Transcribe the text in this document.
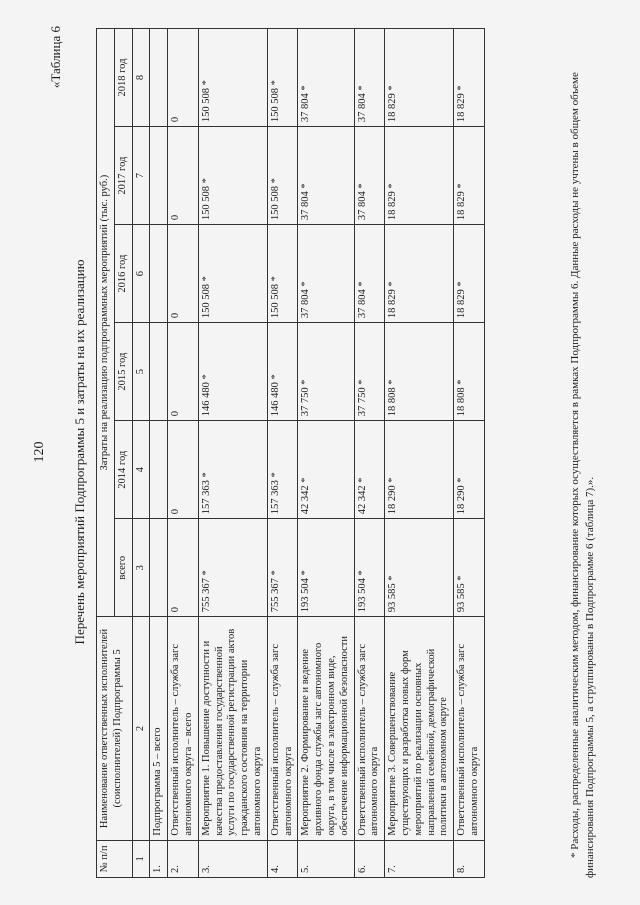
120
«Таблица 6
Перечень мероприятий Подпрограммы 5 и затраты на их реализацию
№ п/п	Наименование ответственных исполнителей (соисполнителей) Подпрограммы 5	Затраты на реализацию подпрограммных мероприятий (тыс. руб.)					
		всего	2014 год	2015 год	2016 год	2017 год	2018 год
1	2	3	4	5	6	7	8
1.	Подпрограмма 5 – всего						
2.	Ответственный исполнитель – служба загс автономного округа – всего	0	0	0	0	0	0
3.	Мероприятие 1. Повышение доступности и качества предоставления государственной услуги по государственной регистрации актов гражданского состояния на территории автономного округа	755 367 *	157 363 *	146 480 *	150 508 *	150 508 *	150 508 *
4.	Ответственный исполнитель – служба загс автономного округа	755 367 *	157 363 *	146 480 *	150 508 *	150 508 *	150 508 *
5.	Мероприятие 2. Формирование и ведение архивного фонда службы загс автономного округа, в том числе в электронном виде, обеспечение информационной безопасности	193 504 *	42 342 *	37 750 *	37 804 *	37 804 *	37 804 *
6.	Ответственный исполнитель – служба загс автономного округа	193 504 *	42 342 *	37 750 *	37 804 *	37 804 *	37 804 *
7.	Мероприятие 3. Совершенствование существующих и разработка новых форм мероприятий по реализации основных направлений семейной, демографической политики в автономном округе	93 585 *	18 290 *	18 808 *	18 829 *	18 829 *	18 829 *
8.	Ответственный исполнитель – служба загс автономного округа	93 585 *	18 290 *	18 808 *	18 829 *	18 829 *	18 829 *	* Расходы, распределенные аналитическим методом, финансирование которых осуществляется в рамках Подпрограммы 6. Данные расходы не учтены в общем объеме финансирования Подпрограммы 5, а сгруппированы в Подпрограмме 6 (таблица 7).».
